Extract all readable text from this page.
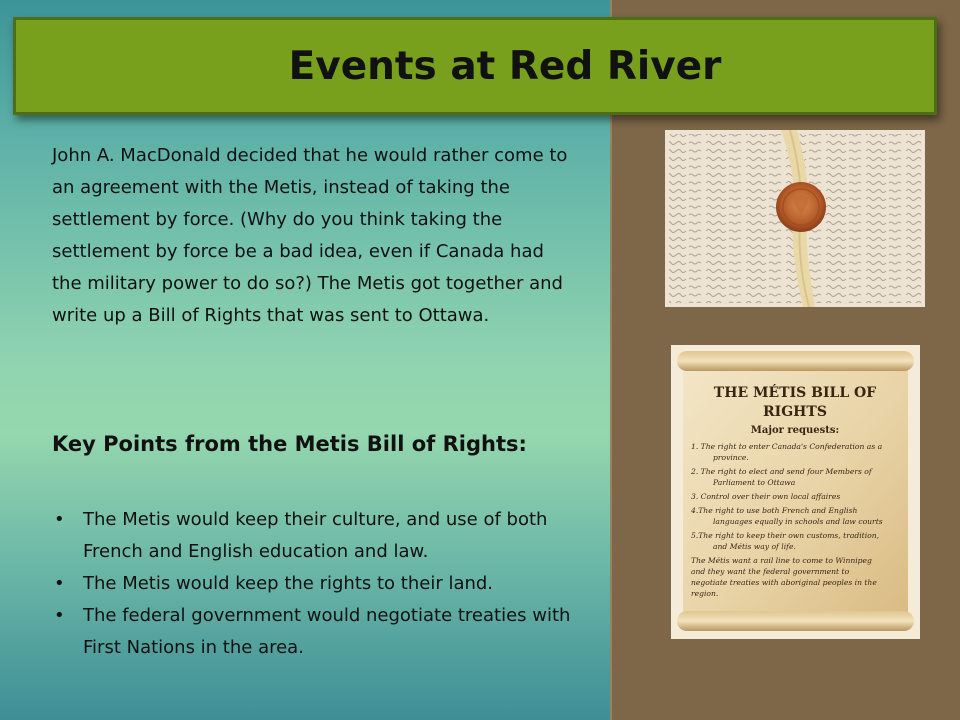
Events at Red River
John A. MacDonald decided that he would rather come to an agreement with the Metis, instead of taking the settlement by force. (Why do you think taking the settlement by force be a bad idea, even if Canada had the military power to do so?) The Metis got together and write up a Bill of Rights that was sent to Ottawa.
Key Points from the Metis Bill of Rights:
• The Metis would keep their culture, and use of both French and English education and law.
• The Metis would keep the rights to their land.
• The federal government would negotiate treaties with First Nations in the area.
THE MÉTIS BILL OF
RIGHTS
Major requests:
1. The right to enter Canada's Confederation as a
province.
2. The right to elect and send four Members of
Parliament to Ottawa
3. Control over their own local affaires
4.The right to use both French and English
languages equally in schools and law courts
5.The right to keep their own customs, tradition,
and Métis way of life.
The Métis want a rail line to come to Winnipeg
and they want the federal government to
negotiate treaties with aboriginal peoples in the
region.
